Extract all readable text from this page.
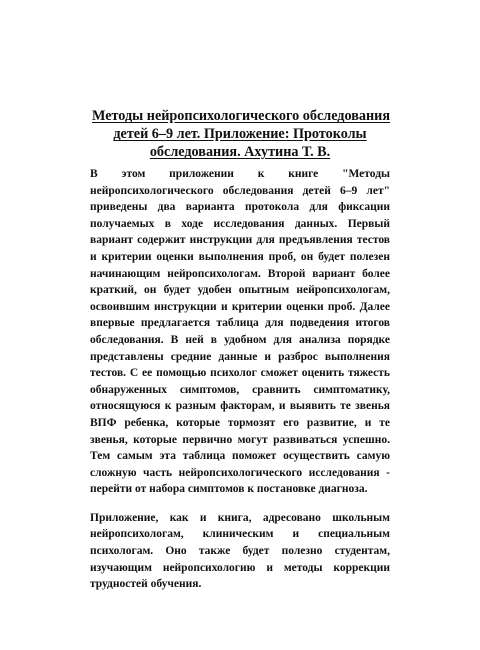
Методы нейропсихологического обследования
детей 6–9 лет. Приложение: Протоколы
обследования. Ахутина Т. В.

В этом приложении к книге "Методы нейропсихологического обследования детей 6–9 лет" приведены два варианта протокола для фиксации получаемых в ходе исследования данных. Первый вариант содержит инструкции для предъявления тестов и критерии оценки выполнения проб, он будет полезен начинающим нейропсихологам. Второй вариант более краткий, он будет удобен опытным нейропсихологам, освоившим инструкции и критерии оценки проб. Далее впервые предлагается таблица для подведения итогов обследования. В ней в удобном для анализа порядке представлены средние данные и разброс выполнения тестов. С ее помощью психолог сможет оценить тяжесть обнаруженных симптомов, сравнить симптоматику, относящуюся к разным факторам, и выявить те звенья ВПФ ребенка, которые тормозят его развитие, и те звенья, которые первично могут развиваться успешно. Тем самым эта таблица поможет осуществить самую сложную часть нейропсихологического исследования - перейти от набора симптомов к постановке диагноза.

Приложение, как и книга, адресовано школьным нейропсихологам, клиническим и специальным психологам. Оно также будет полезно студентам, изучающим нейропсихологию и методы коррекции трудностей обучения.
